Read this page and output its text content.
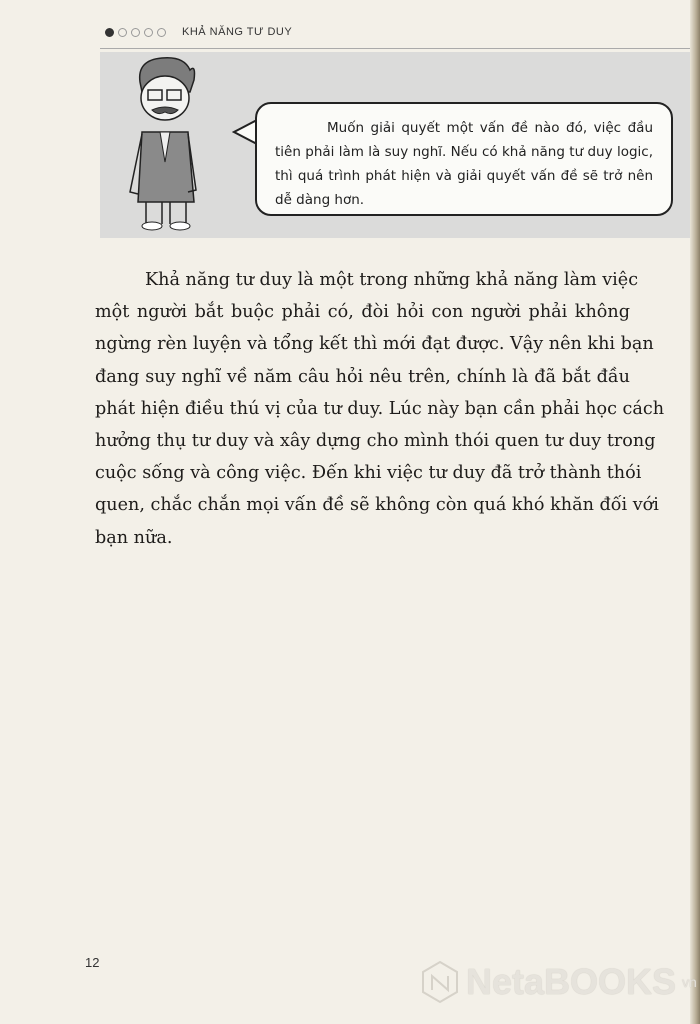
KHẢ NĂNG TƯ DUY

Muốn giải quyết một vấn đề nào đó, việc đầu tiên phải làm là suy nghĩ. Nếu có khả năng tư duy logic, thì quá trình phát hiện và giải quyết vấn đề sẽ trở nên dễ dàng hơn.

Khả năng tư duy là một trong những khả năng làm việc
một người bắt buộc phải có, đòi hỏi con người phải không
ngừng rèn luyện và tổng kết thì mới đạt được. Vậy nên khi bạn
đang suy nghĩ về năm câu hỏi nêu trên, chính là đã bắt đầu
phát hiện điều thú vị của tư duy. Lúc này bạn cần phải học cách
hưởng thụ tư duy và xây dựng cho mình thói quen tư duy trong
cuộc sống và công việc. Đến khi việc tư duy đã trở thành thói
quen, chắc chắn mọi vấn đề sẽ không còn quá khó khăn đối với
bạn nữa.
12	NetaBOOKS vn
